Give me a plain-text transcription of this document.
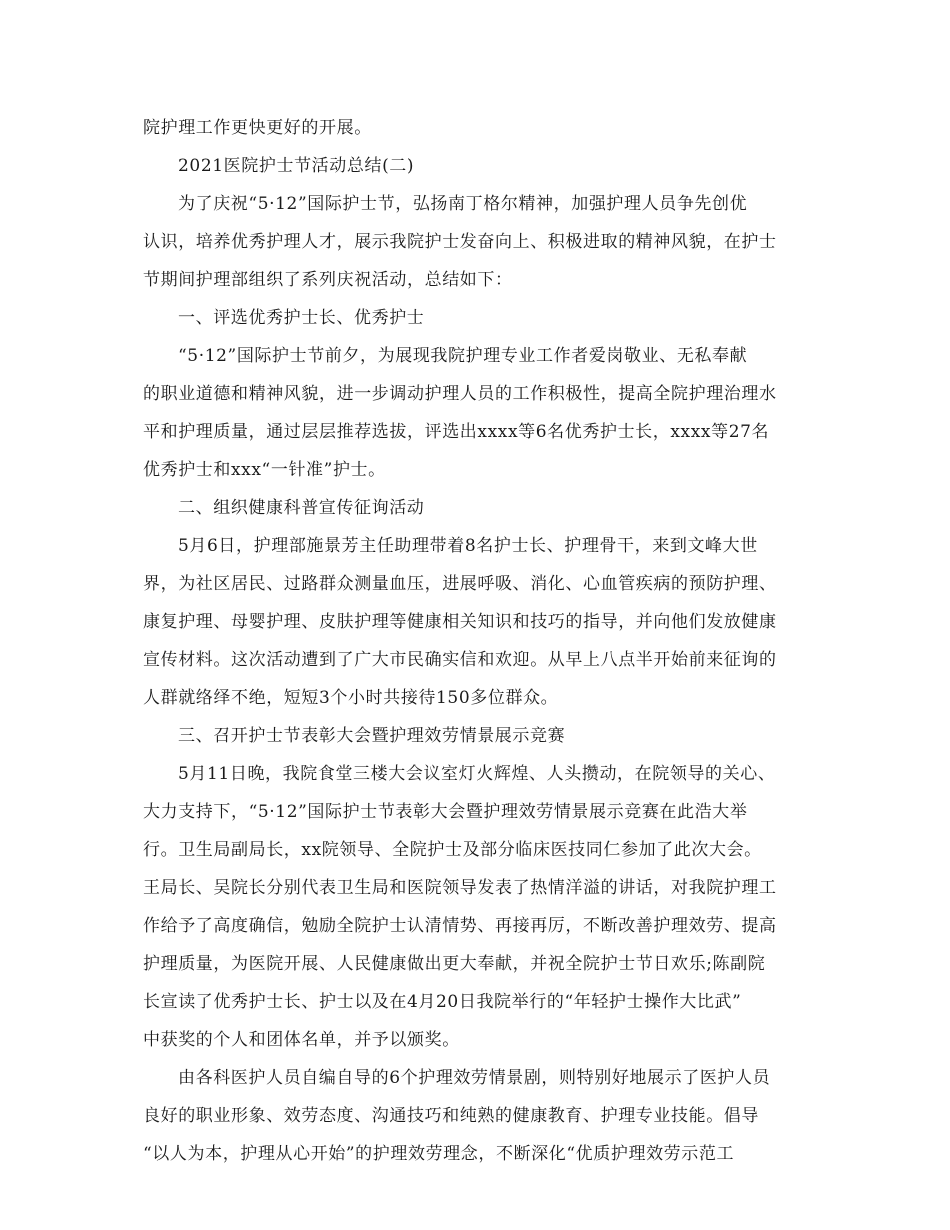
院护理工作更快更好的开展。
2021医院护士节活动总结(二)
为了庆祝“5·12”国际护士节，弘扬南丁格尔精神，加强护理人员争先创优
认识，培养优秀护理人才，展示我院护士发奋向上、积极进取的精神风貌，在护士
节期间护理部组织了系列庆祝活动，总结如下：
一、评选优秀护士长、优秀护士
“5·12”国际护士节前夕，为展现我院护理专业工作者爱岗敬业、无私奉献
的职业道德和精神风貌，进一步调动护理人员的工作积极性，提高全院护理治理水
平和护理质量，通过层层推荐选拔，评选出xxxx等6名优秀护士长，xxxx等27名
优秀护士和xxx“一针准”护士。
二、组织健康科普宣传征询活动
5月6日，护理部施景芳主任助理带着8名护士长、护理骨干，来到文峰大世
界，为社区居民、过路群众测量血压，进展呼吸、消化、心血管疾病的预防护理、
康复护理、母婴护理、皮肤护理等健康相关知识和技巧的指导，并向他们发放健康
宣传材料。这次活动遭到了广大市民确实信和欢迎。从早上八点半开始前来征询的
人群就络绎不绝，短短3个小时共接待150多位群众。
三、召开护士节表彰大会暨护理效劳情景展示竞赛
5月11日晚，我院食堂三楼大会议室灯火辉煌、人头攒动，在院领导的关心、
大力支持下，“5·12”国际护士节表彰大会暨护理效劳情景展示竞赛在此浩大举
行。卫生局副局长，xx院领导、全院护士及部分临床医技同仁参加了此次大会。
王局长、吴院长分别代表卫生局和医院领导发表了热情洋溢的讲话，对我院护理工
作给予了高度确信，勉励全院护士认清情势、再接再厉，不断改善护理效劳、提高
护理质量，为医院开展、人民健康做出更大奉献，并祝全院护士节日欢乐;陈副院
长宣读了优秀护士长、护士以及在4月20日我院举行的“年轻护士操作大比武”
中获奖的个人和团体名单，并予以颁奖。
由各科医护人员自编自导的6个护理效劳情景剧，则特别好地展示了医护人员
良好的职业形象、效劳态度、沟通技巧和纯熟的健康教育、护理专业技能。倡导
“以人为本，护理从心开始”的护理效劳理念，不断深化“优质护理效劳示范工
